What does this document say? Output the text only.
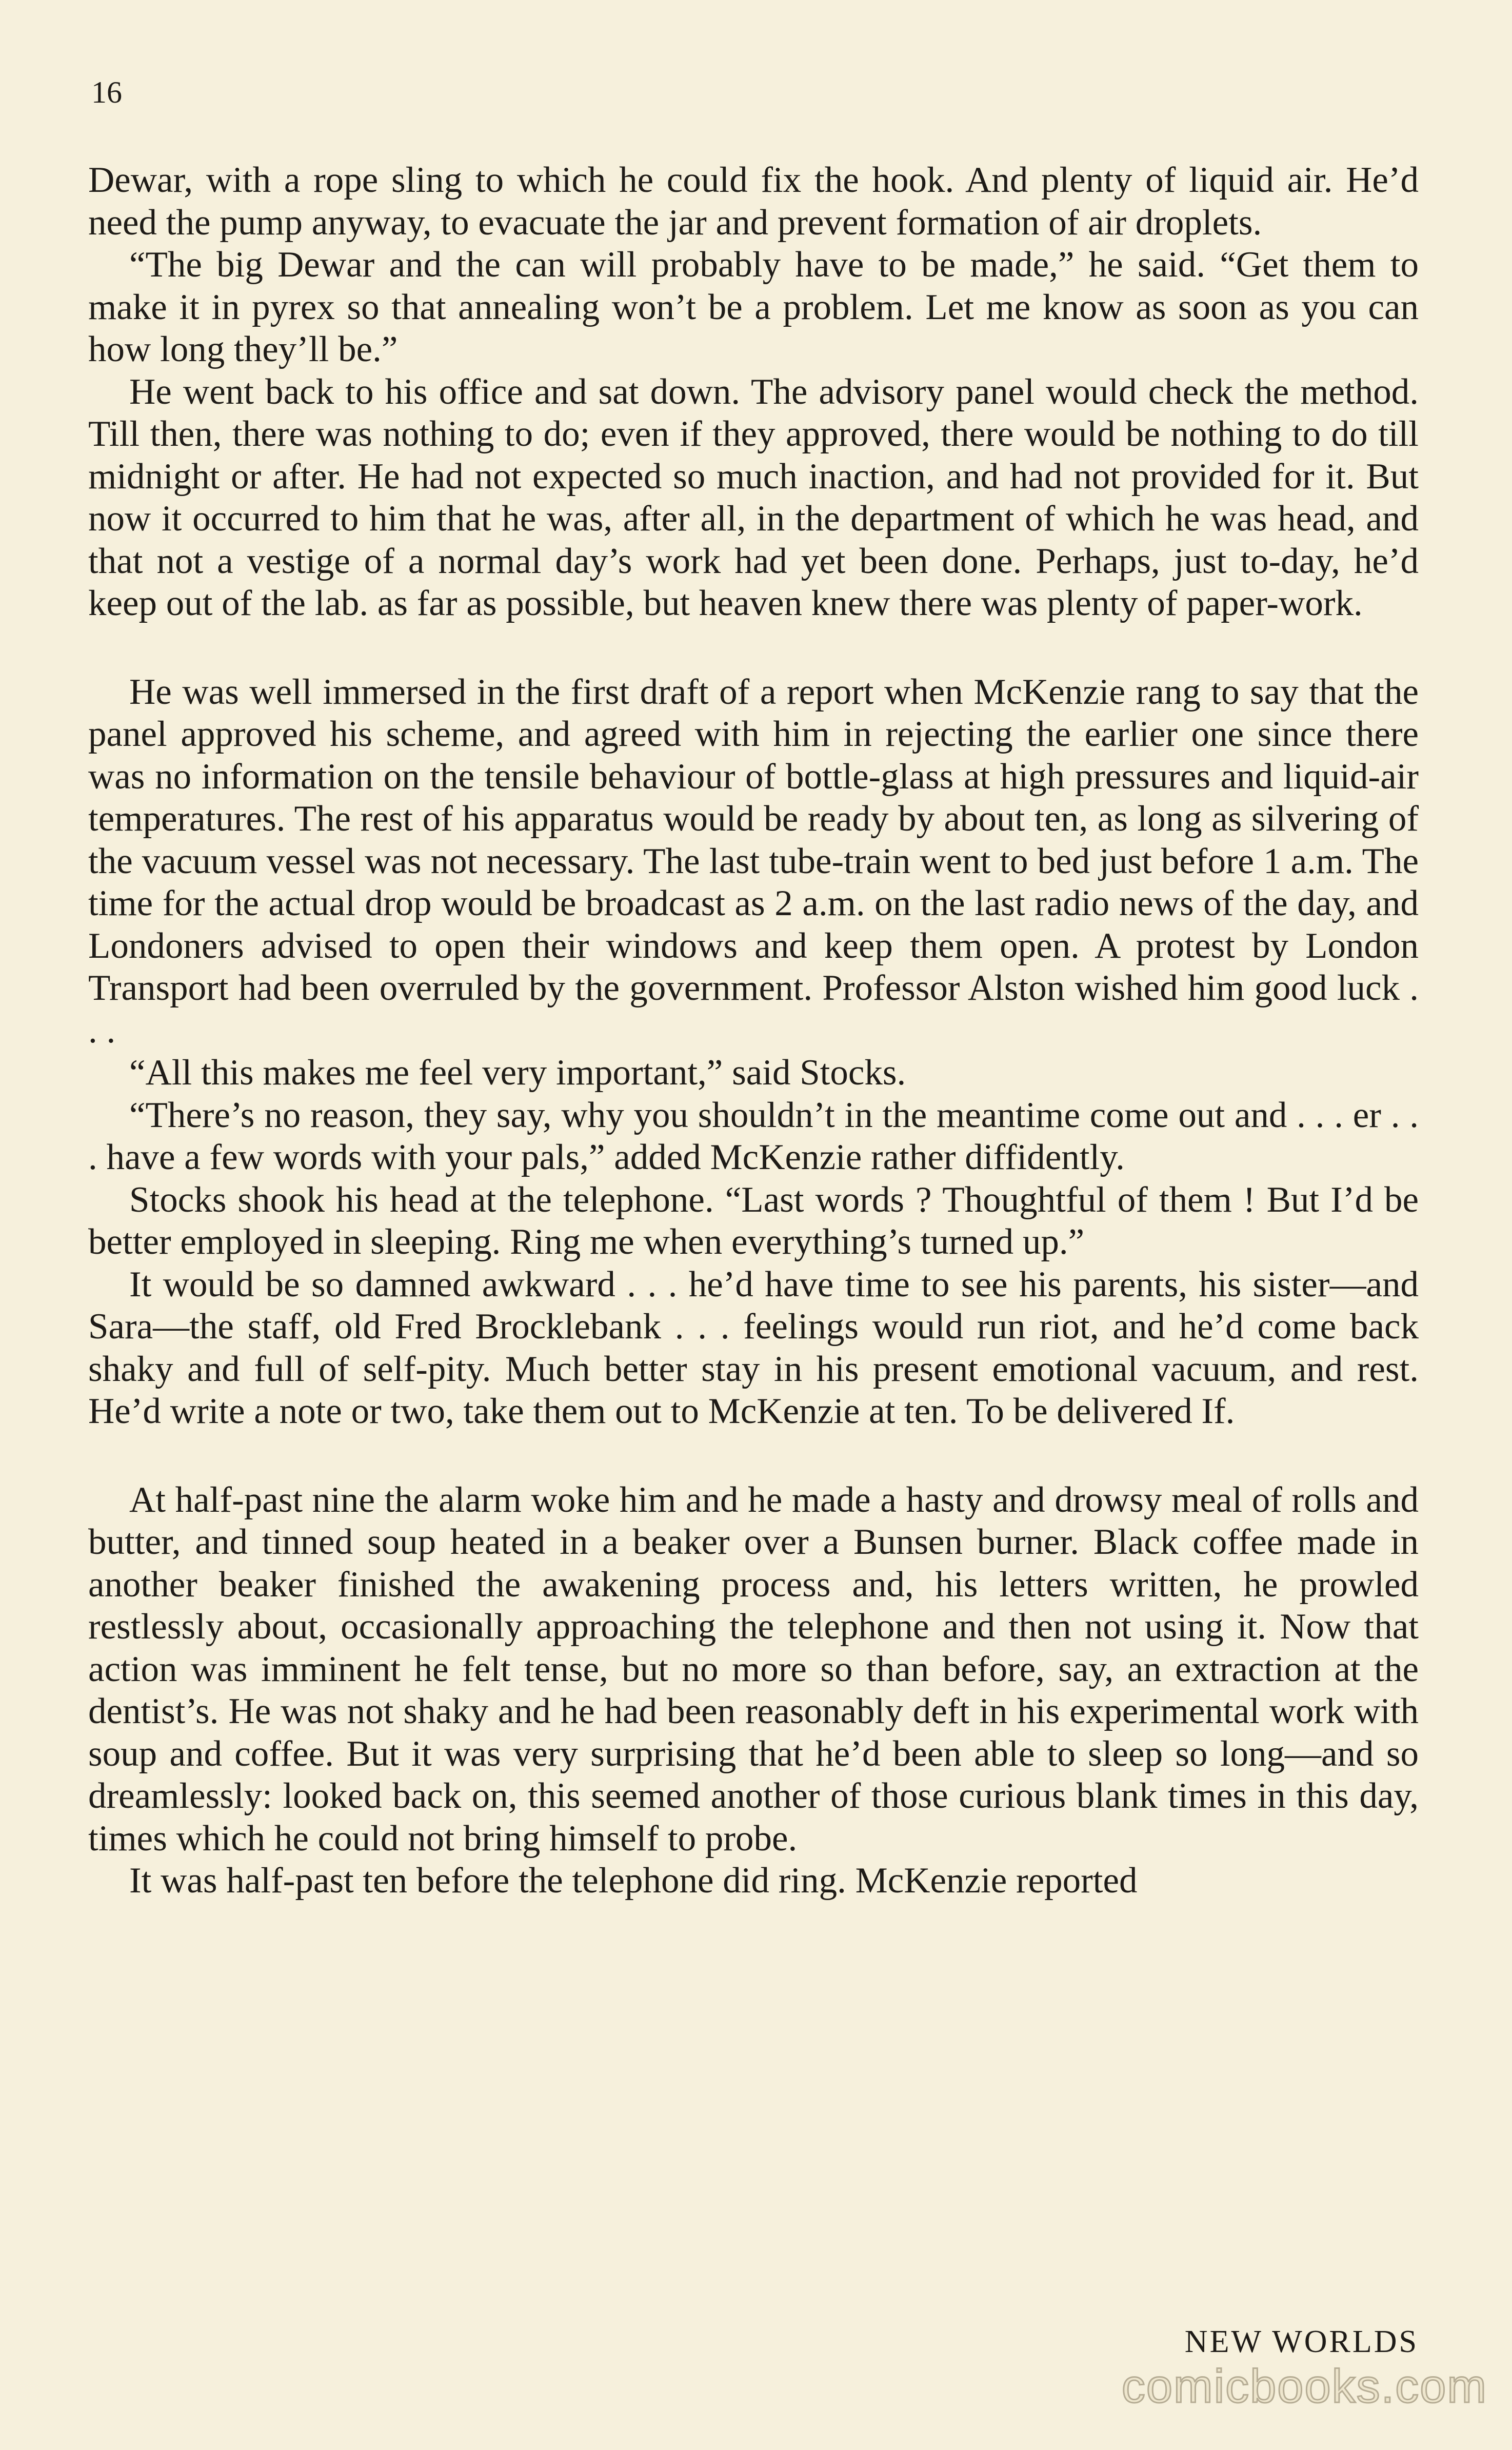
16

Dewar, with a rope sling to which he could fix the hook. And plenty of liquid air. He’d need the pump anyway, to evacuate the jar and prevent formation of air droplets.

“The big Dewar and the can will probably have to be made,” he said. “Get them to make it in pyrex so that annealing won’t be a problem. Let me know as soon as you can how long they’ll be.”

He went back to his office and sat down. The advisory panel would check the method. Till then, there was nothing to do; even if they approved, there would be nothing to do till midnight or after. He had not expected so much inaction, and had not provided for it. But now it occurred to him that he was, after all, in the department of which he was head, and that not a vestige of a normal day’s work had yet been done. Perhaps, just to-day, he’d keep out of the lab. as far as possible, but heaven knew there was plenty of paper-work.

He was well immersed in the first draft of a report when McKenzie rang to say that the panel approved his scheme, and agreed with him in rejecting the earlier one since there was no information on the tensile behaviour of bottle-glass at high pressures and liquid-air temperatures. The rest of his apparatus would be ready by about ten, as long as silvering of the vacuum vessel was not necessary. The last tube-train went to bed just before 1 a.m. The time for the actual drop would be broadcast as 2 a.m. on the last radio news of the day, and Londoners advised to open their windows and keep them open. A protest by London Transport had been overruled by the government. Professor Alston wished him good luck . . .

“All this makes me feel very important,” said Stocks.

“There’s no reason, they say, why you shouldn’t in the meantime come out and . . . er . . . have a few words with your pals,” added McKenzie rather diffidently.

Stocks shook his head at the telephone. “Last words ? Thoughtful of them ! But I’d be better employed in sleeping. Ring me when everything’s turned up.”

It would be so damned awkward . . . he’d have time to see his parents, his sister—and Sara—the staff, old Fred Brocklebank . . . feelings would run riot, and he’d come back shaky and full of self-pity. Much better stay in his present emotional vacuum, and rest. He’d write a note or two, take them out to McKenzie at ten. To be delivered If.

At half-past nine the alarm woke him and he made a hasty and drowsy meal of rolls and butter, and tinned soup heated in a beaker over a Bunsen burner. Black coffee made in another beaker finished the awakening process and, his letters written, he prowled restlessly about, occasionally approaching the telephone and then not using it. Now that action was imminent he felt tense, but no more so than before, say, an extraction at the dentist’s. He was not shaky and he had been reasonably deft in his experimental work with soup and coffee. But it was very surprising that he’d been able to sleep so long—and so dreamlessly: looked back on, this seemed another of those curious blank times in this day, times which he could not bring himself to probe.

It was half-past ten before the telephone did ring. McKenzie reported

NEW WORLDS
comicbooks.com
